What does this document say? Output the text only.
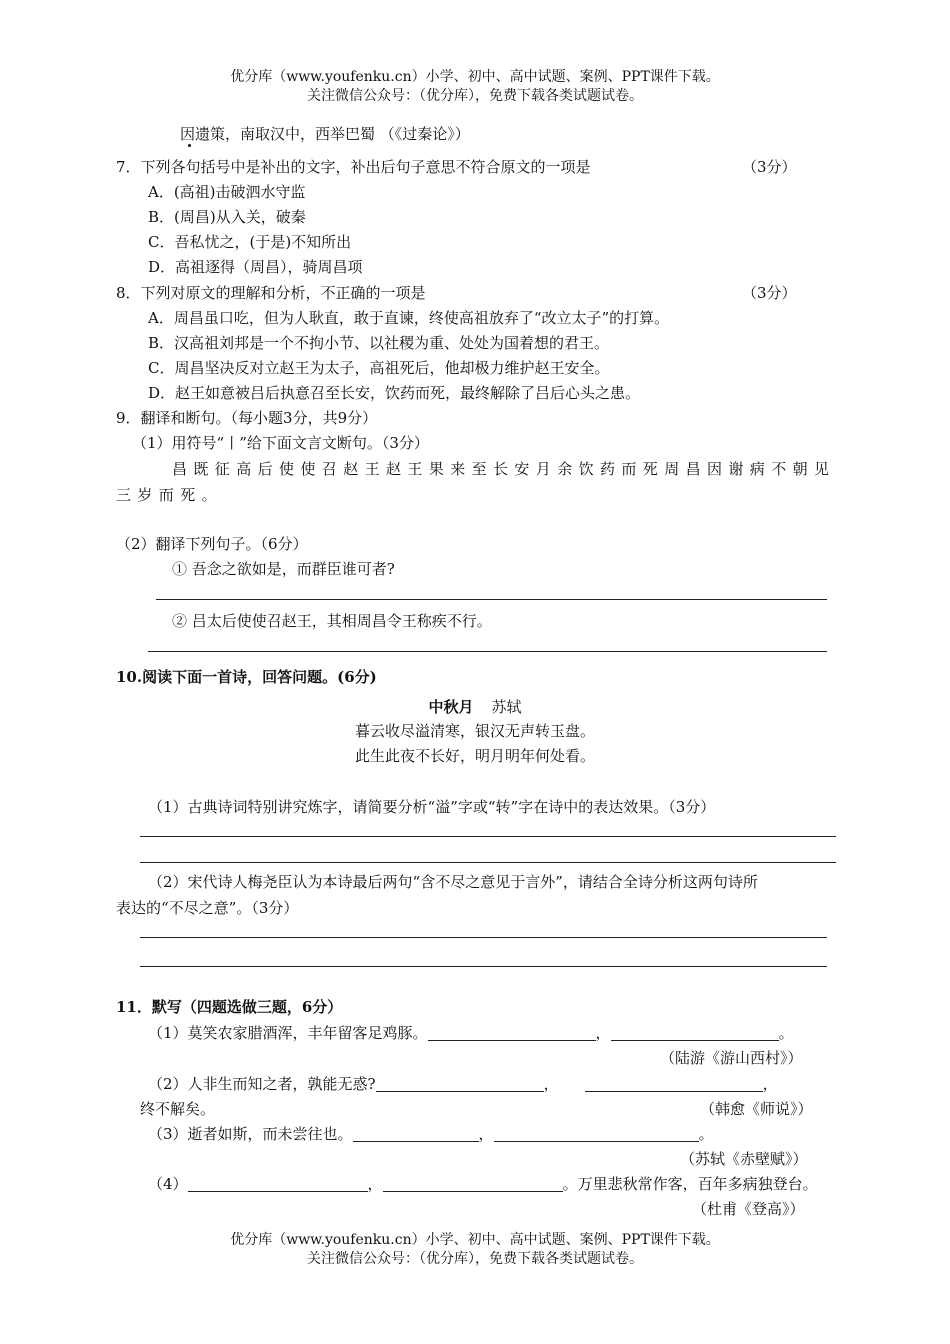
优分库（www.youfenku.cn）小学、初中、高中试题、案例、PPT课件下载。
关注微信公众号：（优分库），免费下载各类试题试卷。
因遗策，南取汉中，西举巴蜀 （《过秦论》）
7．下列各句括号中是补出的文字，补出后句子意思不符合原文的一项是	（3分）
A．(高祖)击破泗水守监
B．(周昌)从入关，破秦
C．吾私忧之，(于是)不知所出
D．高祖逐得（周昌），骑周昌项
8．下列对原文的理解和分析，不正确的一项是	（3分）
A．周昌虽口吃，但为人耿直，敢于直谏，终使高祖放弃了“改立太子”的打算。
B．汉高祖刘邦是一个不拘小节、以社稷为重、处处为国着想的君王。
C．周昌坚决反对立赵王为太子，高祖死后，他却极力维护赵王安全。
D．赵王如意被吕后执意召至长安，饮药而死，最终解除了吕后心头之患。
9．翻译和断句。（每小题3分，共9分）
（1）用符号“丨”给下面文言文断句。（3分）
昌既征高后使使召赵王赵王果来至长安月余饮药而死周昌因谢病不朝见
三岁而死。
（2）翻译下列句子。（6分）
① 吾念之欲如是，而群臣谁可者?
② 吕太后使使召赵王，其相周昌令王称疾不行。
10.阅读下面一首诗，回答问题。(6分)
中秋月 苏轼
暮云收尽溢清寒，银汉无声转玉盘。
此生此夜不长好，明月明年何处看。
（1）古典诗词特别讲究炼字，请简要分析“溢”字或“转”字在诗中的表达效果。（3分）
（2）宋代诗人梅尧臣认为本诗最后两句“含不尽之意见于言外”，请结合全诗分析这两句诗所
表达的“不尽之意”。（3分）
11．默写（四题选做三题，6分）
（1）莫笑农家腊酒浑，丰年留客足鸡豚。	，	。
（陆游《游山西村》）
（2）人非生而知之者，孰能无惑?	，	，
终不解矣。	（韩愈《师说》）
（3）逝者如斯，而未尝往也。	，	。
（苏轼《赤壁赋》）
（4）	，	。万里悲秋常作客，百年多病独登台。
（杜甫《登高》）
优分库（www.youfenku.cn）小学、初中、高中试题、案例、PPT课件下载。
关注微信公众号：（优分库），免费下载各类试题试卷。
